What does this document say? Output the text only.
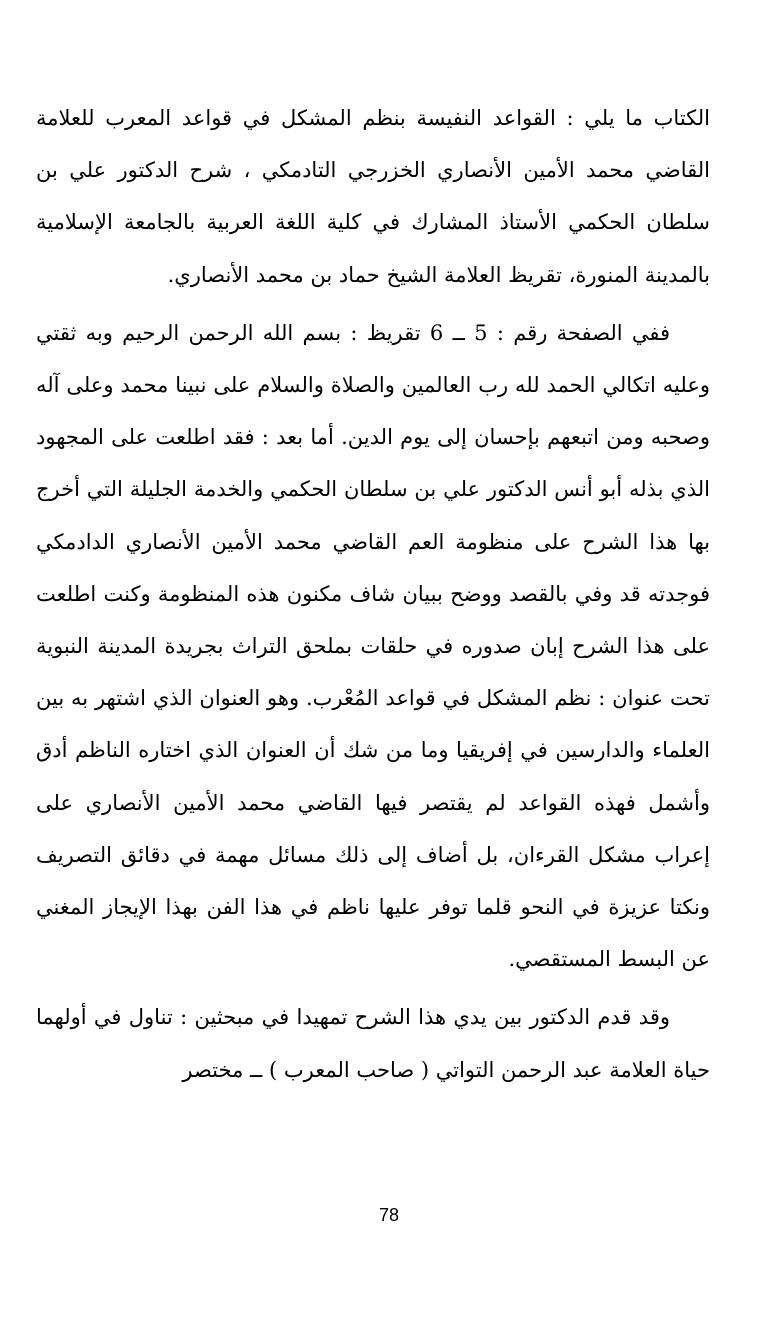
الكتاب ما يلي : القواعد النفيسة بنظم المشكل في قواعد المعرب للعلامة القاضي محمد الأمين الأنصاري الخزرجي التادمكي ، شرح الدكتور علي بن سلطان الحكمي الأستاذ المشارك في كلية اللغة العربية بالجامعة الإسلامية بالمدينة المنورة، تقريظ العلامة الشيخ حماد بن محمد الأنصاري.

ففي الصفحة رقم : 5 ــ 6 تقريظ : بسم الله الرحمن الرحيم وبه ثقتي وعليه اتكالي الحمد لله رب العالمين والصلاة والسلام على نبينا محمد وعلى آله وصحبه ومن اتبعهم بإحسان إلى يوم الدين. أما بعد : فقد اطلعت على المجهود الذي بذله أبو أنس الدكتور علي بن سلطان الحكمي والخدمة الجليلة التي أخرج بها هذا الشرح على منظومة العم القاضي محمد الأمين الأنصاري الدادمكي فوجدته قد وفي بالقصد ووضح ببيان شاف مكنون هذه المنظومة وكنت اطلعت على هذا الشرح إبان صدوره في حلقات بملحق التراث بجريدة المدينة النبوية تحت عنوان : نظم المشكل في قواعد المُعْرب. وهو العنوان الذي اشتهر به بين العلماء والدارسين في إفريقيا وما من شك أن العنوان الذي اختاره الناظم أدق وأشمل فهذه القواعد لم يقتصر فيها القاضي محمد الأمين الأنصاري على إعراب مشكل القرءان، بل أضاف إلى ذلك مسائل مهمة في دقائق التصريف ونكتا عزيزة في النحو قلما توفر عليها ناظم في هذا الفن بهذا الإيجاز المغني عن البسط المستقصي.

وقد قدم الدكتور بين يدي هذا الشرح تمهيدا في مبحثين : تناول في أولهما حياة العلامة عبد الرحمن التواتي ( صاحب المعرب ) ــ مختصر

78
